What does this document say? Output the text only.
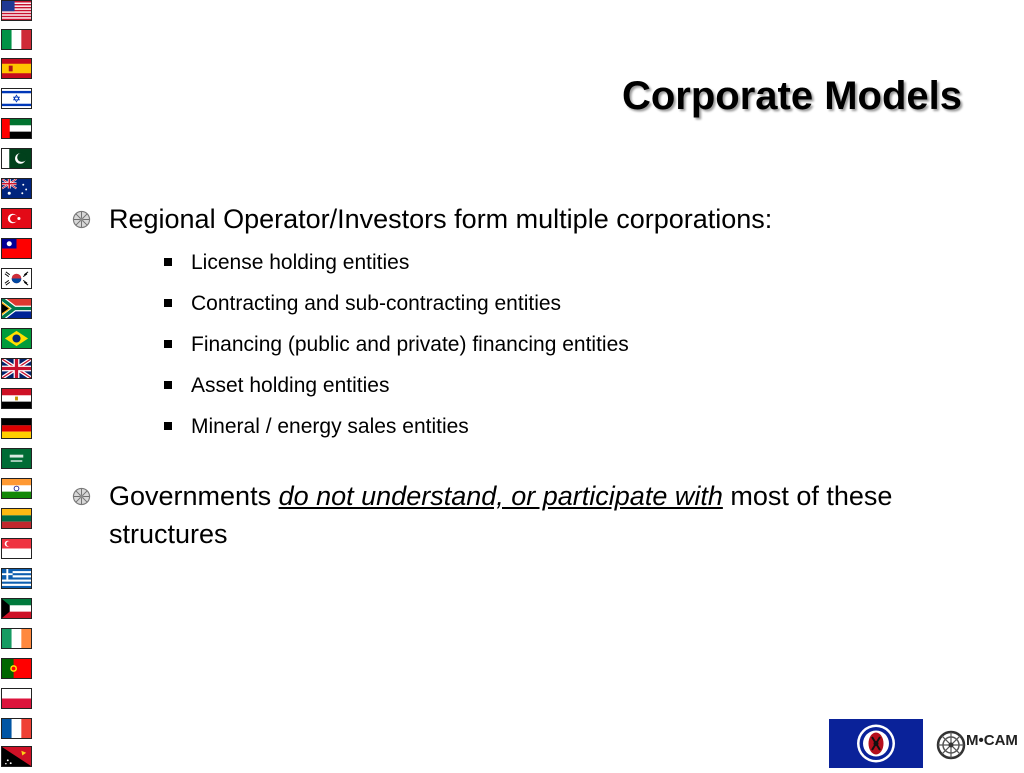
Corporate Models
Regional Operator/Investors form multiple corporations:
License holding entities
Contracting and sub-contracting entities
Financing (public and private) financing entities
Asset holding entities
Mineral / energy sales entities
Governments do not understand, or participate with most of these structures
M•CAM
